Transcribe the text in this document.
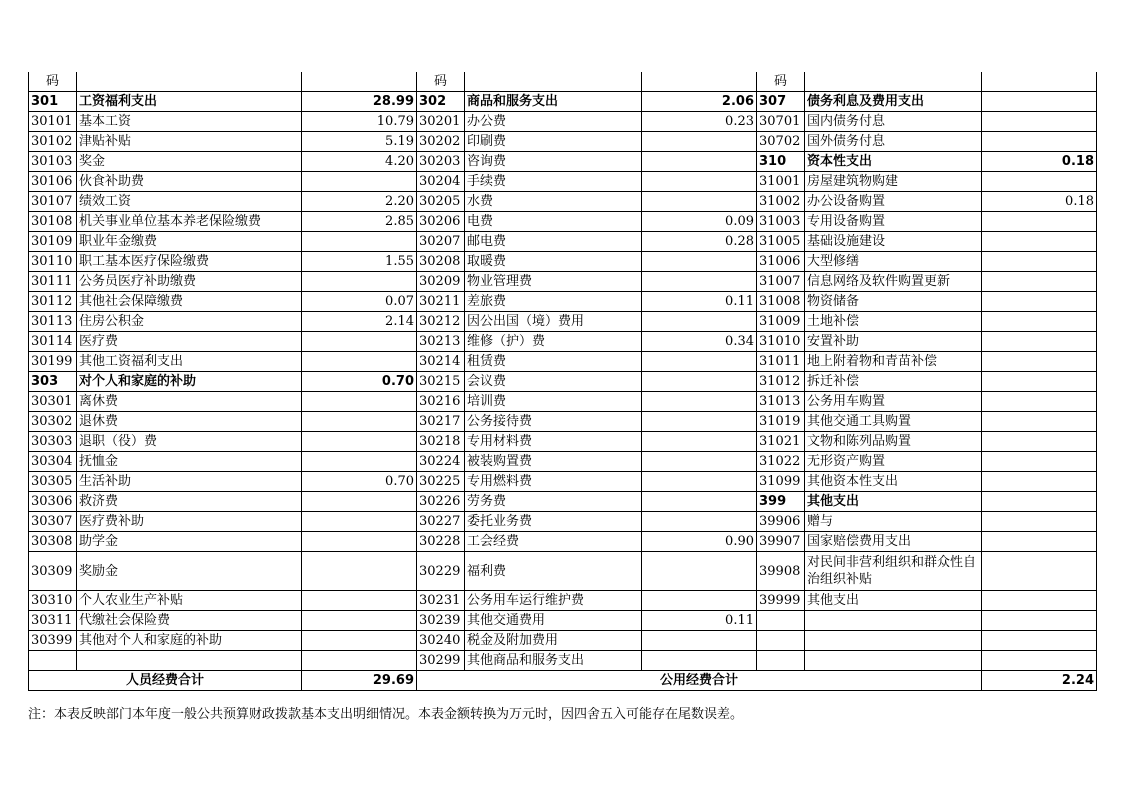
码			码			码		
301	工资福利支出	28.99	302	商品和服务支出	2.06	307	债务利息及费用支出	
30101	基本工资	10.79	30201	办公费	0.23	30701	国内债务付息	
30102	津贴补贴	5.19	30202	印刷费		30702	国外债务付息	
30103	奖金	4.20	30203	咨询费		310	资本性支出	0.18
30106	伙食补助费		30204	手续费		31001	房屋建筑物购建	
30107	绩效工资	2.20	30205	水费		31002	办公设备购置	0.18
30108	机关事业单位基本养老保险缴费	2.85	30206	电费	0.09	31003	专用设备购置	
30109	职业年金缴费		30207	邮电费	0.28	31005	基础设施建设	
30110	职工基本医疗保险缴费	1.55	30208	取暖费		31006	大型修缮	
30111	公务员医疗补助缴费		30209	物业管理费		31007	信息网络及软件购置更新	
30112	其他社会保障缴费	0.07	30211	差旅费	0.11	31008	物资储备	
30113	住房公积金	2.14	30212	因公出国（境）费用		31009	土地补偿	
30114	医疗费		30213	维修（护）费	0.34	31010	安置补助	
30199	其他工资福利支出		30214	租赁费		31011	地上附着物和青苗补偿	
303	对个人和家庭的补助	0.70	30215	会议费		31012	拆迁补偿	
30301	离休费		30216	培训费		31013	公务用车购置	
30302	退休费		30217	公务接待费		31019	其他交通工具购置	
30303	退职（役）费		30218	专用材料费		31021	文物和陈列品购置	
30304	抚恤金		30224	被装购置费		31022	无形资产购置	
30305	生活补助	0.70	30225	专用燃料费		31099	其他资本性支出	
30306	救济费		30226	劳务费		399	其他支出	
30307	医疗费补助		30227	委托业务费		39906	赠与	
30308	助学金		30228	工会经费	0.90	39907	国家赔偿费用支出	
30309	奖励金		30229	福利费		39908	对民间非营利组织和群众性自治组织补贴	
30310	个人农业生产补贴		30231	公务用车运行维护费		39999	其他支出	
30311	代缴社会保险费		30239	其他交通费用	0.11			
30399	其他对个人和家庭的补助		30240	税金及附加费用				
			30299	其他商品和服务支出				
人员经费合计		29.69	公用经费合计					2.24
注：本表反映部门本年度一般公共预算财政拨款基本支出明细情况。本表金额转换为万元时，因四舍五入可能存在尾数误差。
